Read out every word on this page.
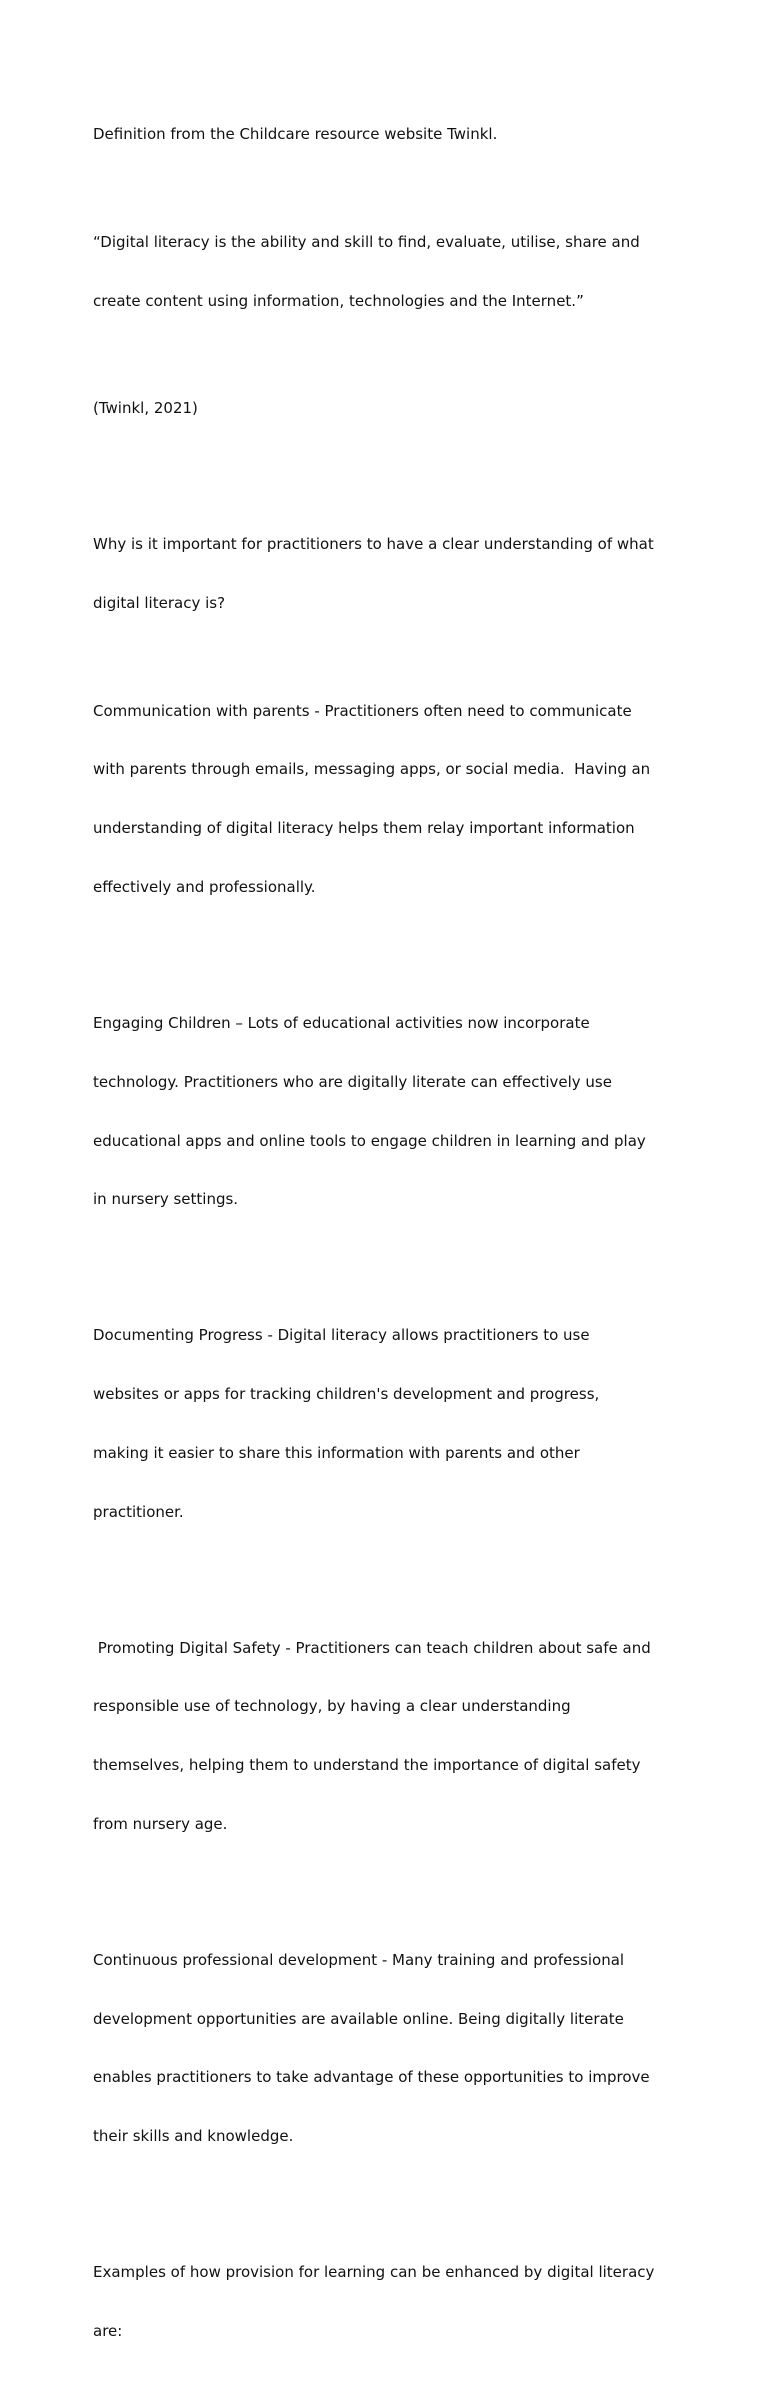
Definition from the Childcare resource website Twinkl.

“Digital literacy is the ability and skill to find, evaluate, utilise, share and

create content using information, technologies and the Internet.”

(Twinkl, 2021)

Why is it important for practitioners to have a clear understanding of what

digital literacy is?

Communication with parents - Practitioners often need to communicate

with parents through emails, messaging apps, or social media.  Having an

understanding of digital literacy helps them relay important information

effectively and professionally.

Engaging Children – Lots of educational activities now incorporate

technology. Practitioners who are digitally literate can effectively use

educational apps and online tools to engage children in learning and play

in nursery settings.

Documenting Progress - Digital literacy allows practitioners to use

websites or apps for tracking children's development and progress,

making it easier to share this information with parents and other

practitioner.

Promoting Digital Safety - Practitioners can teach children about safe and

responsible use of technology, by having a clear understanding

themselves, helping them to understand the importance of digital safety

from nursery age.

Continuous professional development - Many training and professional

development opportunities are available online. Being digitally literate

enables practitioners to take advantage of these opportunities to improve

their skills and knowledge.

Examples of how provision for learning can be enhanced by digital literacy

are:
